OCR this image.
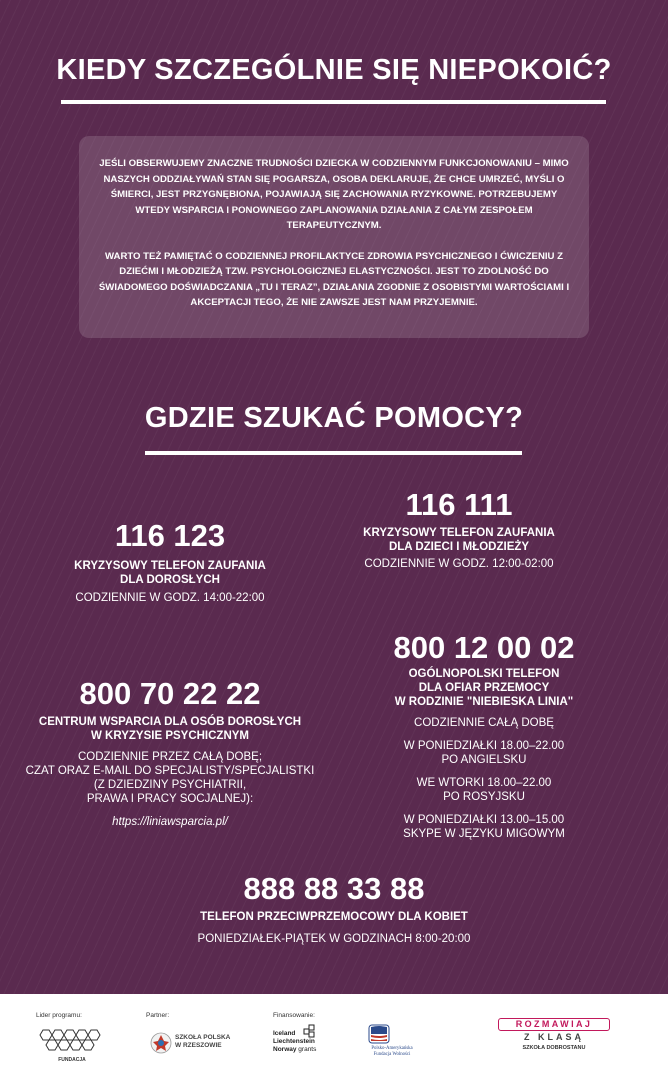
KIEDY SZCZEGÓLNIE SIĘ NIEPOKOIĆ?

JEŚLI OBSERWUJEMY ZNACZNE TRUDNOŚCI DZIECKA W CODZIENNYM FUNKCJONOWANIU – MIMO NASZYCH ODDZIAŁYWAŃ STAN SIĘ POGARSZA, OSOBA DEKLARUJE, ŻE CHCE UMRZEĆ, MYŚLI O ŚMIERCI, JEST PRZYGNĘBIONA, POJAWIAJĄ SIĘ ZACHOWANIA RYZYKOWNE. POTRZEBUJEMY WTEDY WSPARCIA I PONOWNEGO ZAPLANOWANIA DZIAŁANIA Z CAŁYM ZESPOŁEM TERAPEUTYCZNYM.

WARTO TEŻ PAMIĘTAĆ O CODZIENNEJ PROFILAKTYCE ZDROWIA PSYCHICZNEGO I ĆWICZENIU Z DZIEĆMI I MŁODZIEŻĄ TZW. PSYCHOLOGICZNEJ ELASTYCZNOŚCI. JEST TO ZDOLNOŚĆ DO ŚWIADOMEGO DOŚWIADCZANIA „TU I TERAZ”, DZIAŁANIA ZGODNIE Z OSOBISTYMI WARTOŚCIAMI I AKCEPTACJI TEGO, ŻE NIE ZAWSZE JEST NAM PRZYJEMNIE.

GDZIE SZUKAĆ POMOCY?
116 111
KRYZYSOWY TELEFON ZAUFANIA
DLA DZIECI I MŁODZIEŻY
CODZIENNIE W GODZ. 12:00-02:00
116 123
KRYZYSOWY TELEFON ZAUFANIA
DLA DOROSŁYCH
CODZIENNIE W GODZ. 14:00-22:00
800 12 00 02
OGÓLNOPOLSKI TELEFON
DLA OFIAR PRZEMOCY
W RODZINIE "NIEBIESKA LINIA"
CODZIENNIE CAŁĄ DOBĘ
W PONIEDZIAŁKI 18.00–22.00
PO ANGIELSKU
WE WTORKI 18.00–22.00
PO ROSYJSKU
W PONIEDZIAŁKI 13.00–15.00
SKYPE W JĘZYKU MIGOWYM
800 70 22 22
CENTRUM WSPARCIA DLA OSÓB DOROSŁYCH
W KRYZYSIE PSYCHICZNYM
CODZIENNIE PRZEZ CAŁĄ DOBĘ;
CZAT ORAZ E-MAIL DO SPECJALISTY/SPECJALISTKI
(Z DZIEDZINY PSYCHIATRII,
PRAWA I PRACY SOCJALNEJ):
https://liniawsparcia.pl/
888 88 33 88
TELEFON PRZECIWPRZEMOCOWY DLA KOBIET
PONIEDZIAŁEK-PIĄTEK W GODZINACH 8:00-20:00
Lider programu:	Partner:	Finansowanie:
FUNDACJA
SZKOŁA POLSKA
W RZESZOWIE
Iceland
Liechtenstein
Norway grants	Polsko-Amerykańska
Fundacja Wolności
ROZMAWIAJ
Z KLASĄ
SZKOŁA DOBROSTANU
